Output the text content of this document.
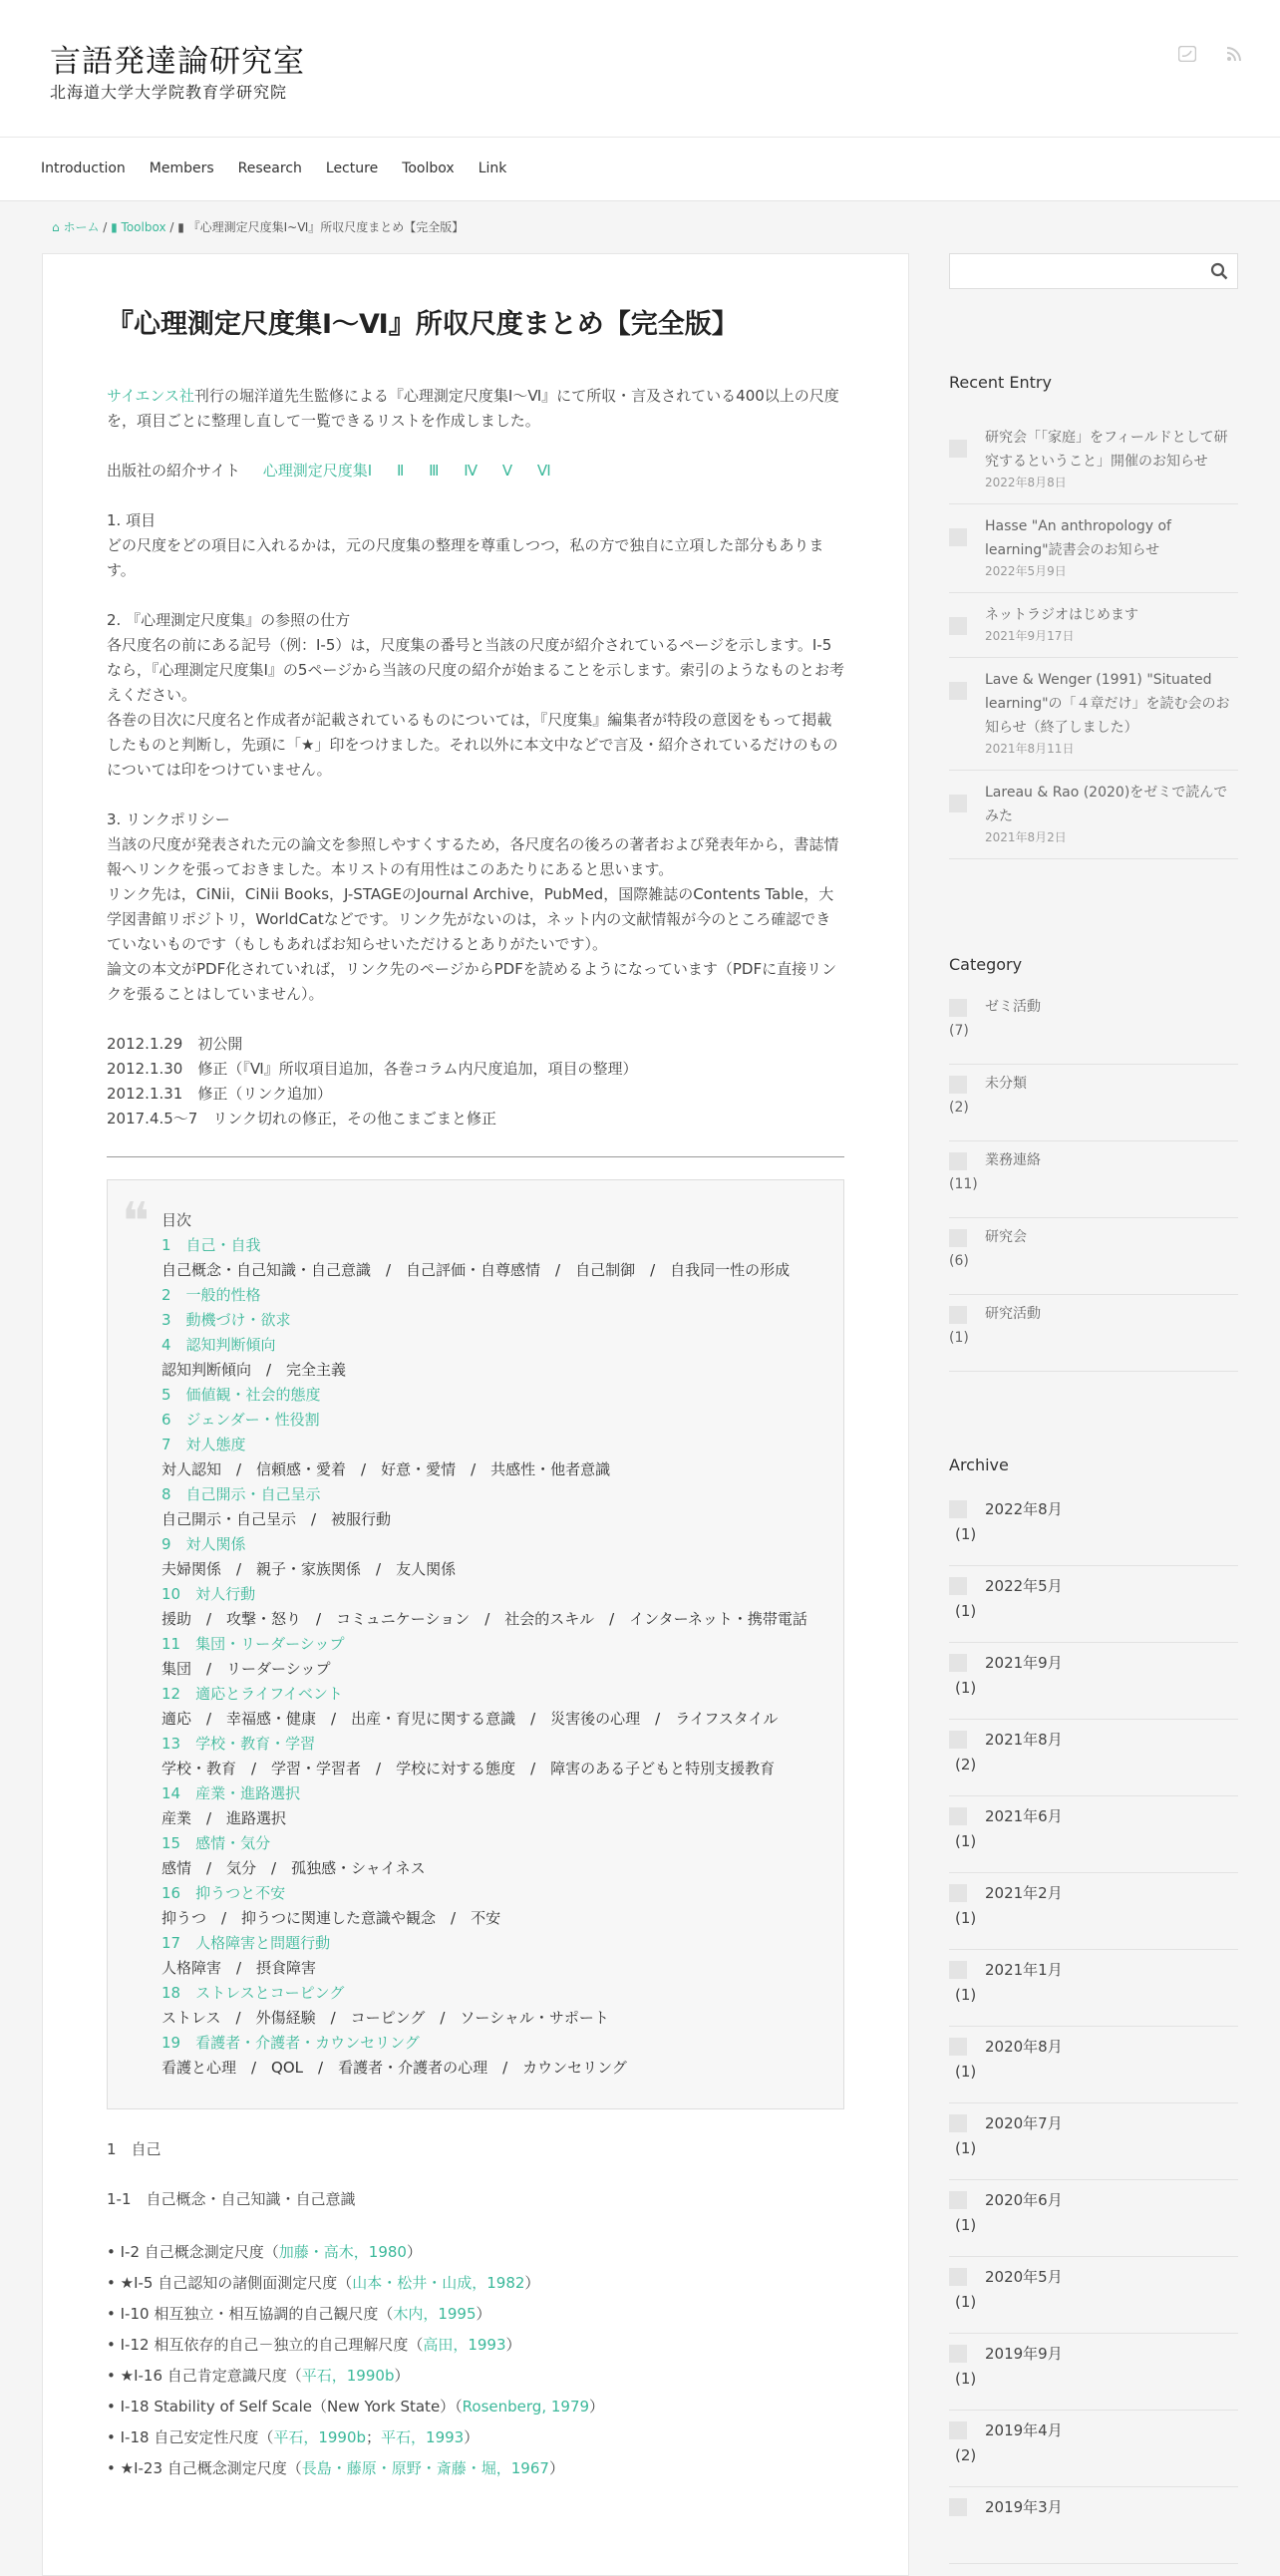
言語発達論研究室
北海道大学大学院教育学研究院
Introduction Members Research Lecture Toolbox Link
⌂ ホーム / ▮ Toolbox / ▮ 『心理測定尺度集Ⅰ~Ⅵ』所収尺度まとめ【完全版】
『心理測定尺度集Ⅰ～Ⅵ』所収尺度まとめ【完全版】
サイエンス社刊行の堀洋道先生監修による『心理測定尺度集Ⅰ～Ⅵ』にて所収・言及されている400以上の尺度を，項目ごとに整理し直して一覧できるリストを作成しました。
出版社の紹介サイト 心理測定尺度集Ⅰ Ⅱ Ⅲ Ⅳ Ⅴ Ⅵ
1. 項目
どの尺度をどの項目に入れるかは，元の尺度集の整理を尊重しつつ，私の方で独自に立項した部分もあります。
2. 『心理測定尺度集』の参照の仕方
各尺度名の前にある記号（例：Ⅰ-5）は，尺度集の番号と当該の尺度が紹介されているページを示します。Ⅰ-5なら，『心理測定尺度集Ⅰ』の5ページから当該の尺度の紹介が始まることを示します。索引のようなものとお考えください。
各巻の目次に尺度名と作成者が記載されているものについては，『尺度集』編集者が特段の意図をもって掲載したものと判断し，先頭に「★」印をつけました。それ以外に本文中などで言及・紹介されているだけのものについては印をつけていません。
3. リンクポリシー
当該の尺度が発表された元の論文を参照しやすくするため，各尺度名の後ろの著者および発表年から，書誌情報へリンクを張っておきました。本リストの有用性はこのあたりにあると思います。
リンク先は，CiNii，CiNii Books，J-STAGEのJournal Archive，PubMed，国際雑誌のContents Table，大学図書館リポジトリ，WorldCatなどです。リンク先がないのは，ネット内の文献情報が今のところ確認できていないものです（もしもあればお知らせいただけるとありがたいです）。
論文の本文がPDF化されていれば，リンク先のページからPDFを読めるようになっています（PDFに直接リンクを張ることはしていません）。
2012.1.29　初公開
2012.1.30　修正（『Ⅵ』所収項目追加，各巻コラム内尺度追加，項目の整理）
2012.1.31　修正（リンク追加）
2017.4.5～7　リンク切れの修正，その他こまごまと修正
❝ 目次
1　自己・自我
自己概念・自己知識・自己意識　/　自己評価・自尊感情　/　自己制御　/　自我同一性の形成
2　一般的性格
3　動機づけ・欲求
4　認知判断傾向
認知判断傾向　/　完全主義
5　価値観・社会的態度
6　ジェンダー・性役割
7　対人態度
対人認知　/　信頼感・愛着　/　好意・愛情　/　共感性・他者意識
8　自己開示・自己呈示
自己開示・自己呈示　/　被服行動
9　対人関係
夫婦関係　/　親子・家族関係　/　友人関係
10　対人行動
援助　/　攻撃・怒り　/　コミュニケーション　/　社会的スキル　/　インターネット・携帯電話
11　集団・リーダーシップ
集団　/　リーダーシップ
12　適応とライフイベント
適応　/　幸福感・健康　/　出産・育児に関する意識　/　災害後の心理　/　ライフスタイル
13　学校・教育・学習
学校・教育　/　学習・学習者　/　学校に対する態度　/　障害のある子どもと特別支援教育
14　産業・進路選択
産業　/　進路選択
15　感情・気分
感情　/　気分　/　孤独感・シャイネス
16　抑うつと不安
抑うつ　/　抑うつに関連した意識や観念　/　不安
17　人格障害と問題行動
人格障害　/　摂食障害
18　ストレスとコーピング
ストレス　/　外傷経験　/　コーピング　/　ソーシャル・サポート
19　看護者・介護者・カウンセリング
看護と心理　/　QOL　/　看護者・介護者の心理　/　カウンセリング
1　自己
1-1　自己概念・自己知識・自己意識
• Ⅰ-2 自己概念測定尺度（加藤・高木，1980）
• ★Ⅰ-5 自己認知の諸側面測定尺度（山本・松井・山成，1982）
• Ⅰ-10 相互独立・相互協調的自己観尺度（木内，1995）
• Ⅰ-12 相互依存的自己－独立的自己理解尺度（高田，1993）
• ★Ⅰ-16 自己肯定意識尺度（平石，1990b）
• Ⅰ-18 Stability of Self Scale（New York State）（Rosenberg, 1979）
• Ⅰ-18 自己安定性尺度（平石，1990b；平石，1993）
• ★Ⅰ-23 自己概念測定尺度（長島・藤原・原野・斎藤・堀，1967）
Recent Entry
研究会「「家庭」をフィールドとして研究するということ」開催のお知らせ
2022年8月8日
Hasse "An anthropology of learning"読書会のお知らせ
2022年5月9日
ネットラジオはじめます
2021年9月17日
Lave & Wenger (1991) "Situated learning"の「４章だけ」を読む会のお知らせ（終了しました）
2021年8月11日
Lareau & Rao (2020)をゼミで読んでみた
2021年8月2日
Category
ゼミ活動
(7)
未分類
(2)
業務連絡
(11)
研究会
(6)
研究活動
(1)
Archive
2022年8月
(1)
2022年5月
(1)
2021年9月
(1)
2021年8月
(2)
2021年6月
(1)
2021年2月
(1)
2021年1月
(1)
2020年8月
(1)
2020年7月
(1)
2020年6月
(1)
2020年5月
(1)
2019年9月
(1)
2019年4月
(2)
2019年3月
